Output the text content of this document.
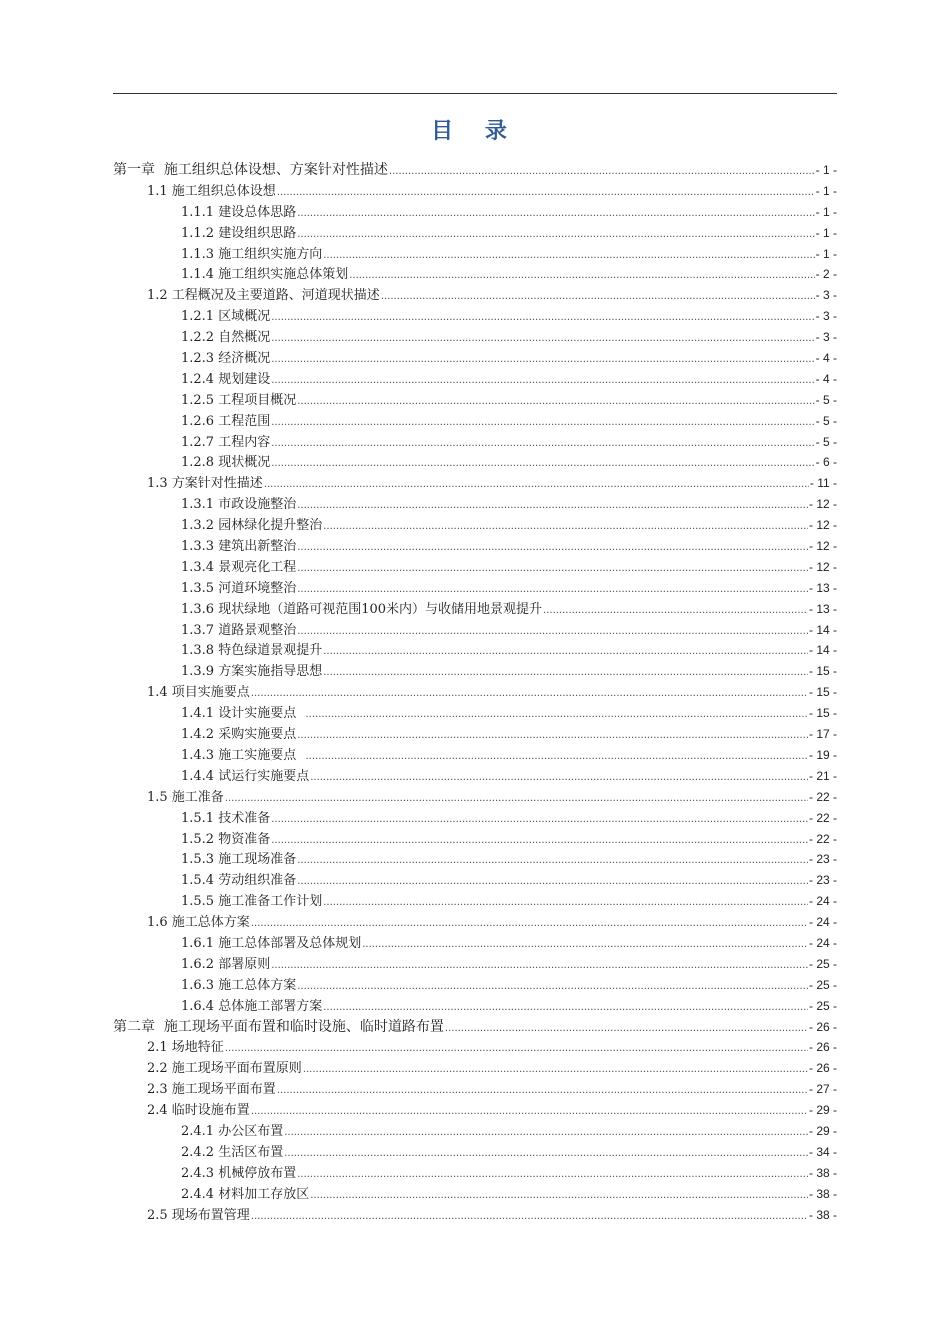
目 录
第一章  施工组织总体设想、方案针对性描述 .....	- 1 -
1.1 施工组织总体设想 .....	- 1 -
1.1.1 建设总体思路 .....	- 1 -
1.1.2 建设组织思路 .....	- 1 -
1.1.3 施工组织实施方向 .....	- 1 -
1.1.4 施工组织实施总体策划 .....	- 2 -
1.2 工程概况及主要道路、河道现状描述 .....	- 3 -
1.2.1 区域概况 .....	- 3 -
1.2.2 自然概况 .....	- 3 -
1.2.3 经济概况 .....	- 4 -
1.2.4 规划建设 .....	- 4 -
1.2.5 工程项目概况 .....	- 5 -
1.2.6 工程范围 .....	- 5 -
1.2.7 工程内容 .....	- 5 -
1.2.8 现状概况 .....	- 6 -
1.3 方案针对性描述 .....	- 11 -
1.3.1 市政设施整治 .....	- 12 -
1.3.2 园林绿化提升整治 .....	- 12 -
1.3.3 建筑出新整治 .....	- 12 -
1.3.4 景观亮化工程 .....	- 12 -
1.3.5 河道环境整治 .....	- 13 -
1.3.6 现状绿地（道路可视范围100米内）与收储用地景观提升 .....	- 13 -
1.3.7 道路景观整治 .....	- 14 -
1.3.8 特色绿道景观提升 .....	- 14 -
1.3.9 方案实施指导思想 .....	- 15 -
1.4 项目实施要点 .....	- 15 -
1.4.1 设计实施要点 .....	- 15 -
1.4.2 采购实施要点 .....	- 17 -
1.4.3 施工实施要点 .....	- 19 -
1.4.4 试运行实施要点 .....	- 21 -
1.5 施工准备 .....	- 22 -
1.5.1 技术准备 .....	- 22 -
1.5.2 物资准备 .....	- 22 -
1.5.3 施工现场准备 .....	- 23 -
1.5.4 劳动组织准备 .....	- 23 -
1.5.5 施工准备工作计划 .....	- 24 -
1.6 施工总体方案 .....	- 24 -
1.6.1 施工总体部署及总体规划 .....	- 24 -
1.6.2 部署原则 .....	- 25 -
1.6.3 施工总体方案 .....	- 25 -
1.6.4 总体施工部署方案 .....	- 25 -
第二章  施工现场平面布置和临时设施、临时道路布置 .....	- 26 -
2.1 场地特征 .....	- 26 -
2.2 施工现场平面布置原则 .....	- 26 -
2.3 施工现场平面布置 .....	- 27 -
2.4 临时设施布置 .....	- 29 -
2.4.1 办公区布置 .....	- 29 -
2.4.2 生活区布置 .....	- 34 -
2.4.3 机械停放布置 .....	- 38 -
2.4.4 材料加工存放区 .....	- 38 -
2.5 现场布置管理 .....	- 38 -
